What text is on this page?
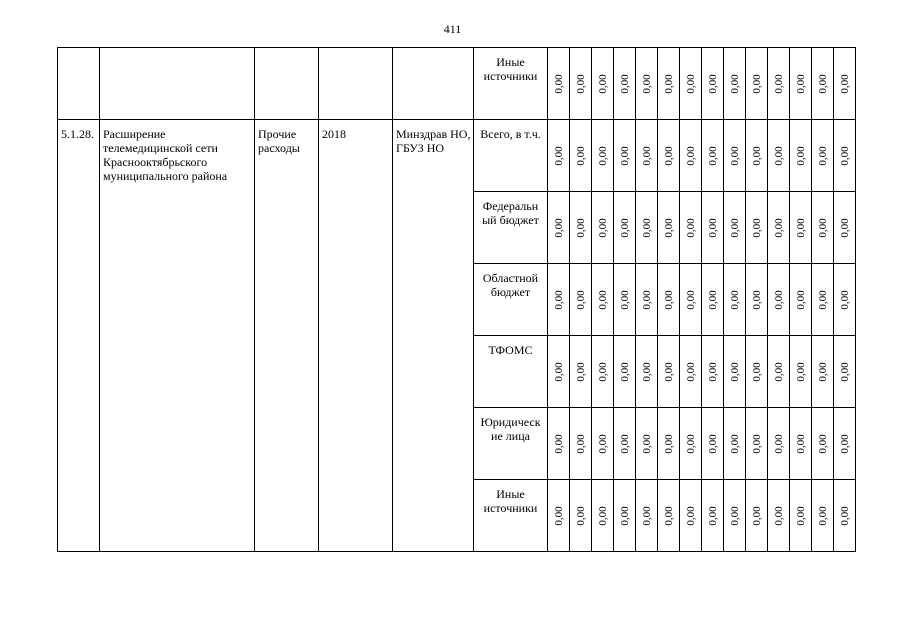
411
					Иные источники	0,00	0,00	0,00	0,00	0,00	0,00	0,00	0,00	0,00	0,00	0,00	0,00	0,00	0,00

5.1.28.	Расширение телемедицинской сети Краснооктябрьского муниципального района	Прочие расходы	2018	Минздрав НО, ГБУЗ НО	Всего, в т.ч.	0,00	0,00	0,00	0,00	0,00	0,00	0,00	0,00	0,00	0,00	0,00	0,00	0,00	0,00

					Федеральн ый бюджет	0,00	0,00	0,00	0,00	0,00	0,00	0,00	0,00	0,00	0,00	0,00	0,00	0,00	0,00

					Областной бюджет	0,00	0,00	0,00	0,00	0,00	0,00	0,00	0,00	0,00	0,00	0,00	0,00	0,00	0,00

					ТФОМС	0,00	0,00	0,00	0,00	0,00	0,00	0,00	0,00	0,00	0,00	0,00	0,00	0,00	0,00

					Юридическ ие лица	0,00	0,00	0,00	0,00	0,00	0,00	0,00	0,00	0,00	0,00	0,00	0,00	0,00	0,00

					Иные источники	0,00	0,00	0,00	0,00	0,00	0,00	0,00	0,00	0,00	0,00	0,00	0,00	0,00	0,00
